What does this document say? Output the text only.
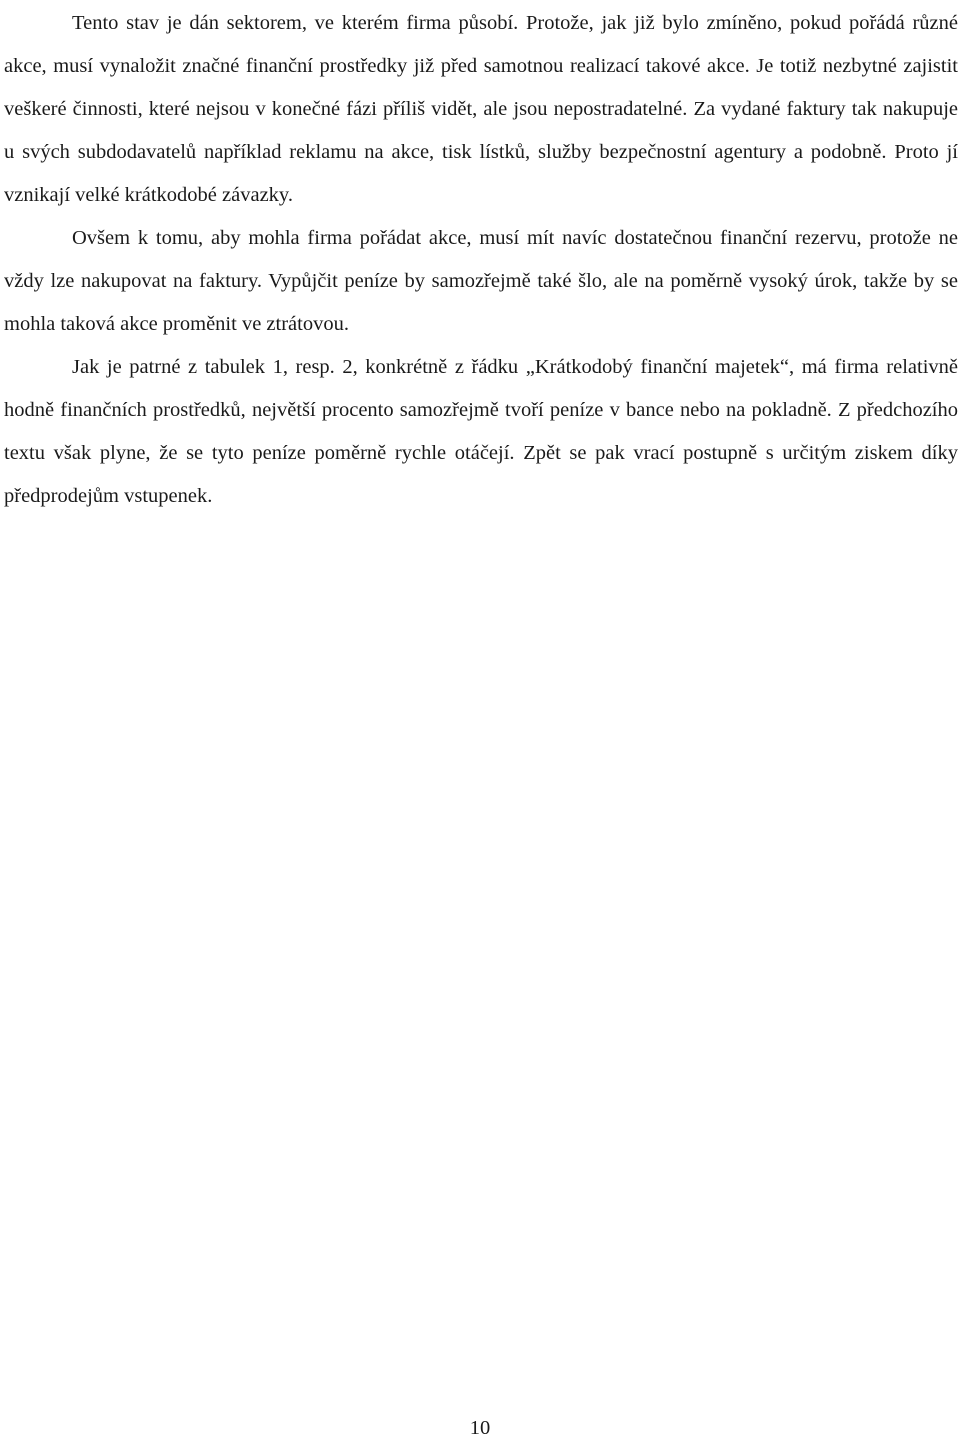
Tento stav je dán sektorem, ve kterém firma působí. Protože, jak již bylo zmíněno, pokud pořádá různé akce, musí vynaložit značné finanční prostředky již před samotnou realizací takové akce. Je totiž nezbytné zajistit veškeré činnosti, které nejsou v konečné fázi příliš vidět, ale jsou nepostradatelné. Za vydané faktury tak nakupuje u svých subdodavatelů například reklamu na akce, tisk lístků, služby bezpečnostní agentury a podobně. Proto jí vznikají velké krátkodobé závazky.

Ovšem k tomu, aby mohla firma pořádat akce, musí mít navíc dostatečnou finanční rezervu, protože ne vždy lze nakupovat na faktury. Vypůjčit peníze by samozřejmě také šlo, ale na poměrně vysoký úrok, takže by se mohla taková akce proměnit ve ztrátovou.

Jak je patrné z tabulek 1, resp. 2, konkrétně z řádku „Krátkodobý finanční majetek“, má firma relativně hodně finančních prostředků, největší procento samozřejmě tvoří peníze v bance nebo na pokladně. Z předchozího textu však plyne, že se tyto peníze poměrně rychle otáčejí. Zpět se pak vrací postupně s určitým ziskem díky předprodejům vstupenek.

10
